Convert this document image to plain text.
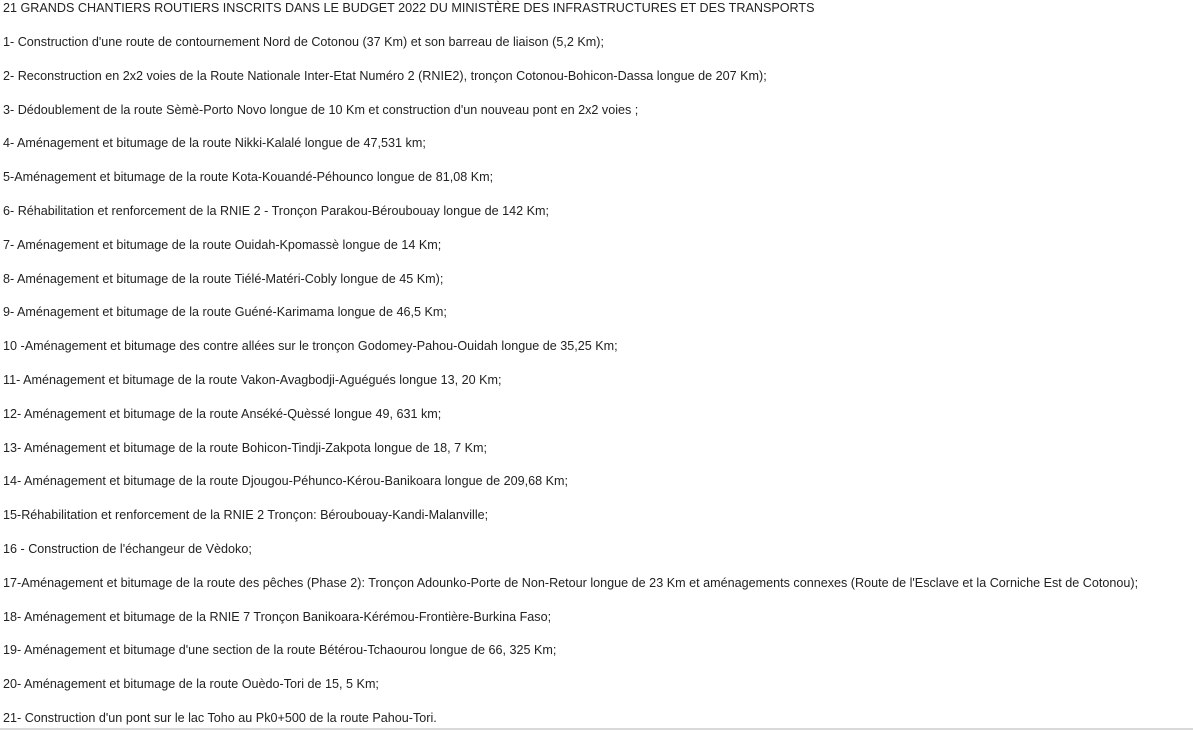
21 GRANDS CHANTIERS ROUTIERS INSCRITS DANS LE BUDGET 2022 DU MINISTÈRE DES INFRASTRUCTURES ET DES TRANSPORTS
1- Construction d'une route de contournement Nord de Cotonou (37 Km) et son barreau de liaison (5,2 Km);
2- Reconstruction en 2x2 voies de la Route Nationale Inter-Etat Numéro 2 (RNIE2), tronçon Cotonou-Bohicon-Dassa longue de 207 Km);
3- Dédoublement de la route Sèmè-Porto Novo longue de 10 Km et construction d'un nouveau pont en 2x2 voies ;
4- Aménagement et bitumage de la route Nikki-Kalalé longue de 47,531 km;
5-Aménagement et bitumage de la route Kota-Kouandé-Péhounco longue de 81,08 Km;
6- Réhabilitation et renforcement de la RNIE 2 - Tronçon Parakou-Béroubouay longue de 142 Km;
7- Aménagement et bitumage de la route Ouidah-Kpomassè longue de 14 Km;
8- Aménagement et bitumage de la route Tiélé-Matéri-Cobly longue de 45 Km);
9- Aménagement et bitumage de la route Guéné-Karimama longue de 46,5 Km;
10 -Aménagement et bitumage des contre allées sur le tronçon Godomey-Pahou-Ouidah longue de 35,25 Km;
11- Aménagement et bitumage de la route Vakon-Avagbodji-Aguégués longue 13, 20 Km;
12- Aménagement et bitumage de la route Anséké-Quèssé longue 49, 631 km;
13- Aménagement et bitumage de la route Bohicon-Tindji-Zakpota longue de 18, 7 Km;
14- Aménagement et bitumage de la route Djougou-Péhunco-Kérou-Banikoara longue de 209,68 Km;
15-Réhabilitation et renforcement de la RNIE 2 Tronçon: Béroubouay-Kandi-Malanville;
16 - Construction de l'échangeur de Vèdoko;
17-Aménagement et bitumage de la route des pêches (Phase 2): Tronçon Adounko-Porte de Non-Retour longue de 23 Km et aménagements connexes (Route de l'Esclave et la Corniche Est de Cotonou);
18- Aménagement et bitumage de la RNIE 7 Tronçon Banikoara-Kérémou-Frontière-Burkina Faso;
19- Aménagement et bitumage d'une section de la route Bétérou-Tchaourou longue de 66, 325 Km;
20- Aménagement et bitumage de la route Ouèdo-Tori de 15, 5 Km;
21- Construction d'un pont sur le lac Toho au Pk0+500 de la route Pahou-Tori.
